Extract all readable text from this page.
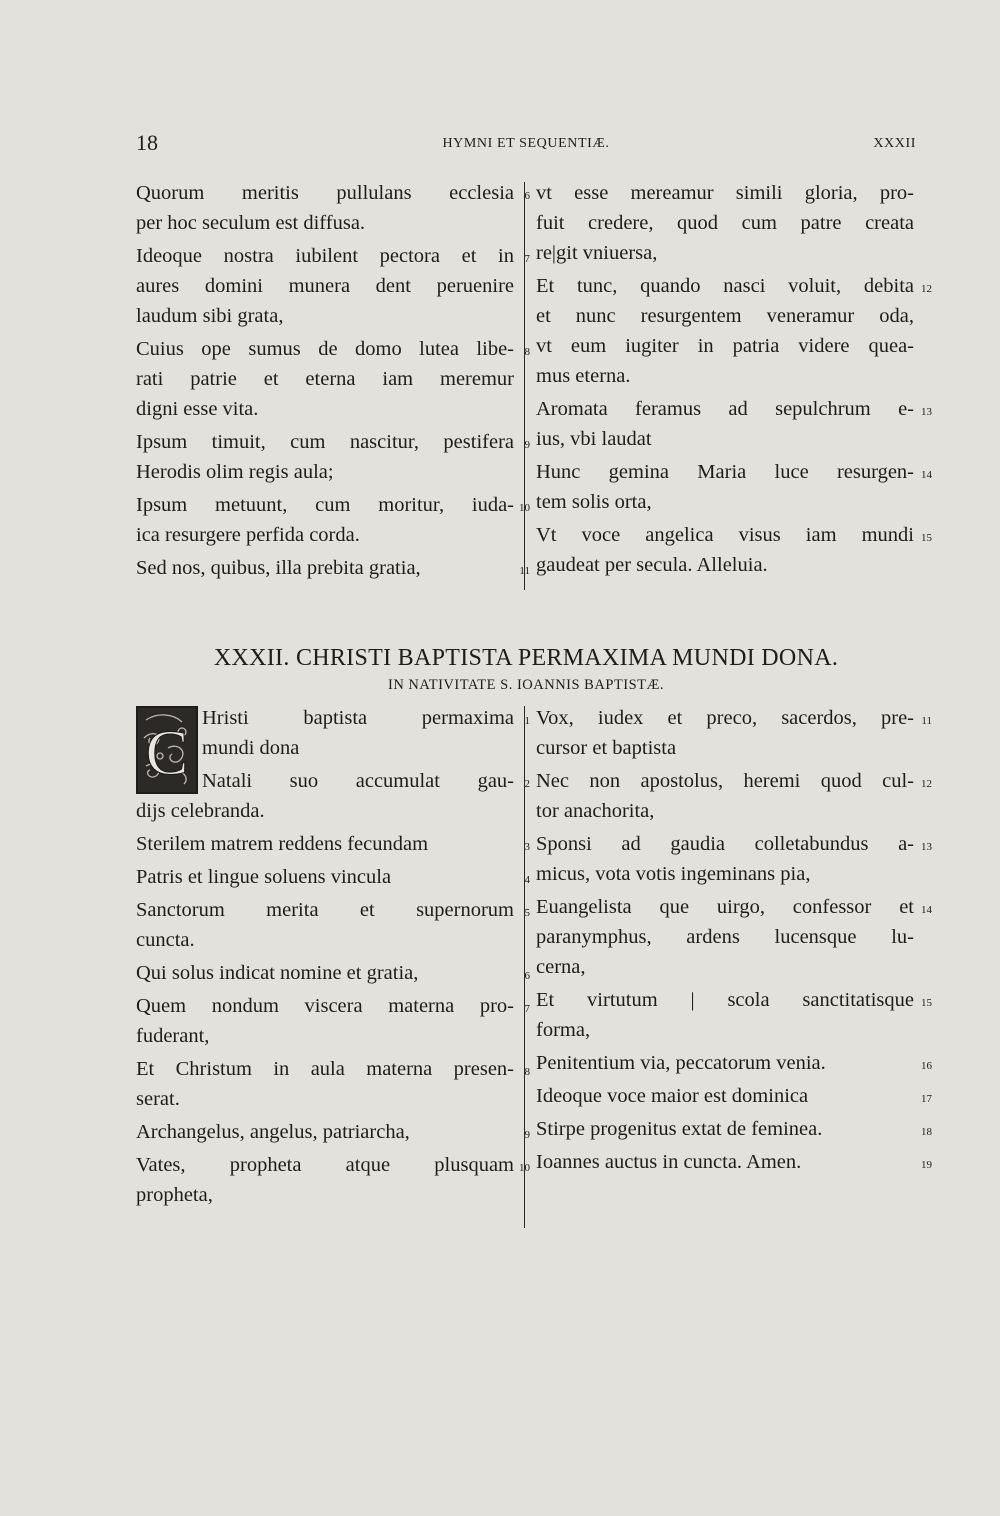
18	HYMNI ET SEQUENTIÆ.	XXXII
Quorum meritis pullulans ecclesia
per hoc seculum est diffusa.
6
Ideoque nostra iubilent pectora et in
aures domini munera dent peruenire
laudum sibi grata,
7
Cuius ope sumus de domo lutea libe-
rati patrie et eterna iam meremur
digni esse vita.
8
Ipsum timuit, cum nascitur, pestifera
Herodis olim regis aula;
9
Ipsum metuunt, cum moritur, iuda-
ica resurgere perfida corda.
10
Sed nos, quibus, illa prebita gratia,	11
vt esse mereamur simili gloria, pro-
fuit credere, quod cum patre creata
re|git vniuersa,
Et tunc, quando nasci voluit, debita
et nunc resurgentem veneramur oda,
vt eum iugiter in patria videre quea-
mus eterna.
12
Aromata feramus ad sepulchrum e-
ius, vbi laudat
13
Hunc gemina Maria luce resurgen-
tem solis orta,
14
Vt voce angelica visus iam mundi
gaudeat per secula. Alleluia.
15
XXXII. CHRISTI BAPTISTA PERMAXIMA MUNDI DONA.
IN NATIVITATE S. IOANNIS BAPTISTÆ.
C Hristi baptista permaxima
mundi dona
1
Natali suo accumulat gau-
dijs celebranda.
2
Sterilem matrem reddens fecundam	3
Patris et lingue soluens vincula	4
Sanctorum merita et supernorum
cuncta.
5
Qui solus indicat nomine et gratia,	6
Quem nondum viscera materna pro-
fuderant,
7
Et Christum in aula materna presen-
serat.
8
Archangelus, angelus, patriarcha,	9
Vates, propheta atque plusquam
propheta,
10
Vox, iudex et preco, sacerdos, pre-
cursor et baptista
11
Nec non apostolus, heremi quod cul-
tor anachorita,
12
Sponsi ad gaudia colletabundus a-
micus, vota votis ingeminans pia,
13
Euangelista que uirgo, confessor et
paranymphus, ardens lucensque lu-
cerna,
14
Et virtutum | scola sanctitatisque
forma,
15
Penitentium via, peccatorum venia.	16
Ideoque voce maior est dominica	17
Stirpe progenitus extat de feminea.	18
Ioannes auctus in cuncta. Amen.	19
